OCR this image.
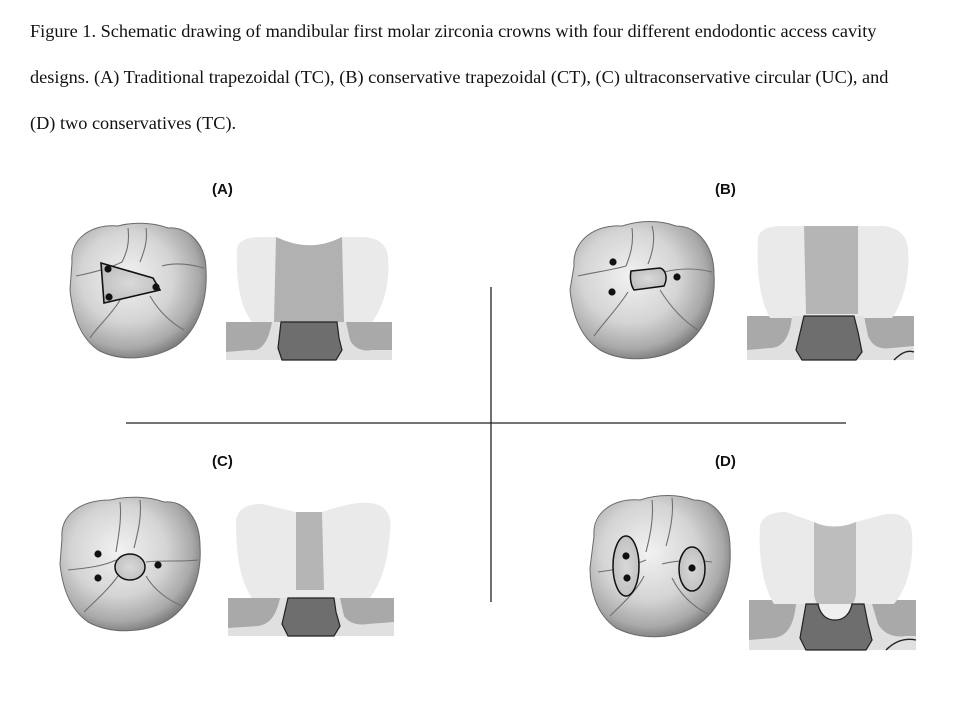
Figure 1. Schematic drawing of mandibular first molar zirconia crowns with four different endodontic access cavity
designs. (A) Traditional trapezoidal (TC), (B) conservative trapezoidal (CT), (C) ultraconservative circular (UC), and
(D) two conservatives (TC).
(A)	(B)
(C)	(D)
